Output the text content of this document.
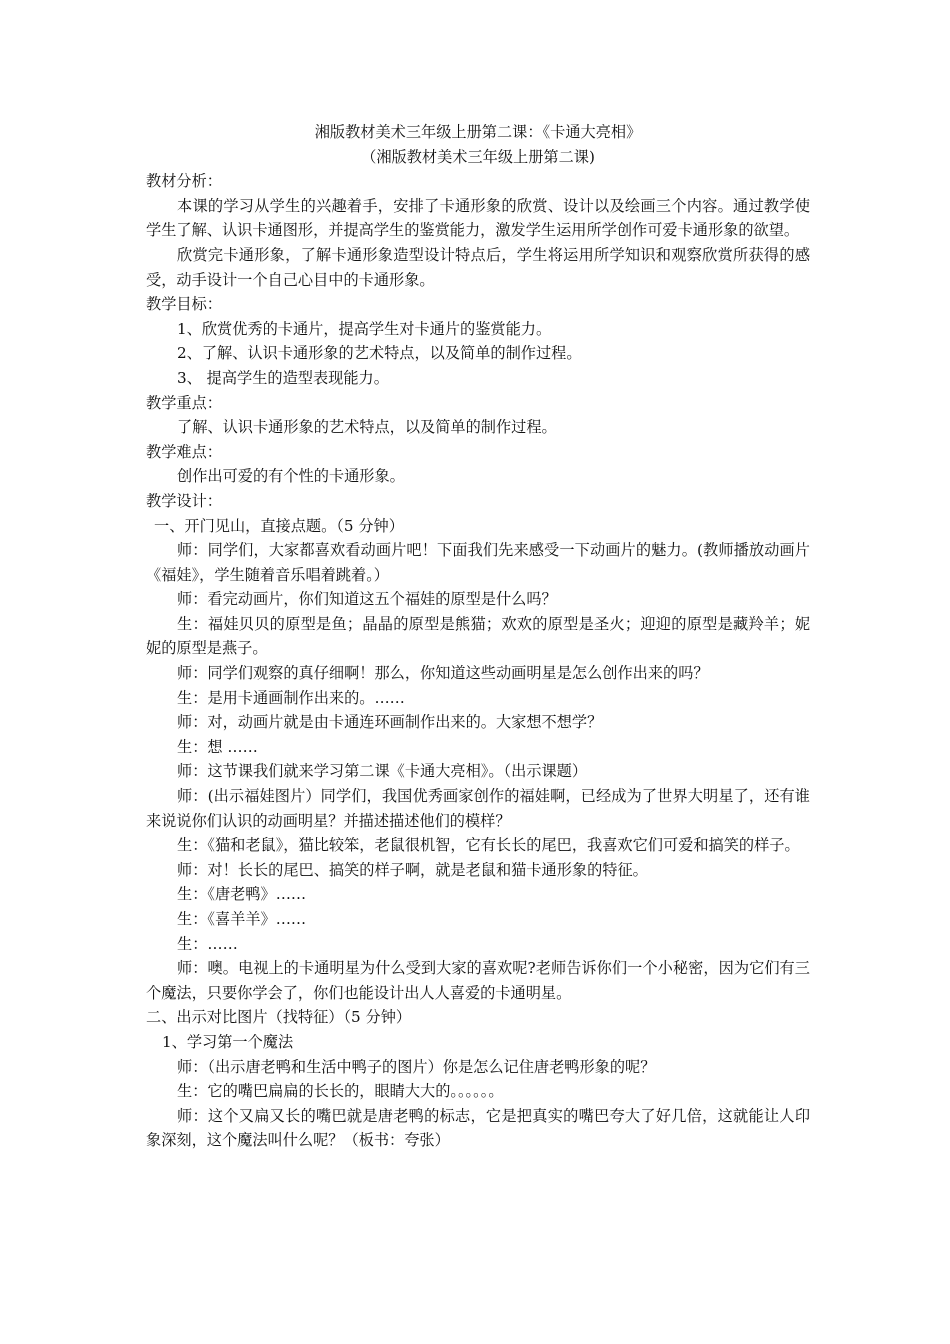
湘版教材美术三年级上册第二课：《卡通大亮相》

（湘版教材美术三年级上册第二课)

教材分析：

本课的学习从学生的兴趣着手，安排了卡通形象的欣赏、设计以及绘画三个内容。通过教学使学生了解、认识卡通图形，并提高学生的鉴赏能力，激发学生运用所学创作可爱卡通形象的欲望。

欣赏完卡通形象，了解卡通形象造型设计特点后，学生将运用所学知识和观察欣赏所获得的感受，动手设计一个自己心目中的卡通形象。

教学目标：

1、欣赏优秀的卡通片，提高学生对卡通片的鉴赏能力。

2、了解、认识卡通形象的艺术特点，以及简单的制作过程。

3、 提高学生的造型表现能力。

教学重点：

了解、认识卡通形象的艺术特点，以及简单的制作过程。

教学难点：

创作出可爱的有个性的卡通形象。

教学设计：

一、开门见山，直接点题。（5 分钟）

师：同学们，大家都喜欢看动画片吧！下面我们先来感受一下动画片的魅力。(教师播放动画片《福娃》，学生随着音乐唱着跳着。）

师：看完动画片，你们知道这五个福娃的原型是什么吗？

生：福娃贝贝的原型是鱼；晶晶的原型是熊猫；欢欢的原型是圣火；迎迎的原型是藏羚羊；妮妮的原型是燕子。

师：同学们观察的真仔细啊！那么，你知道这些动画明星是怎么创作出来的吗？

生：是用卡通画制作出来的。……

师：对，动画片就是由卡通连环画制作出来的。大家想不想学？

生：想 ……

师：这节课我们就来学习第二课《卡通大亮相》。（出示课题）

师：(出示福娃图片）同学们，我国优秀画家创作的福娃啊，已经成为了世界大明星了，还有谁来说说你们认识的动画明星？并描述描述他们的模样？

生：《猫和老鼠》，猫比较笨，老鼠很机智，它有长长的尾巴，我喜欢它们可爱和搞笑的样子。

师：对！长长的尾巴、搞笑的样子啊，就是老鼠和猫卡通形象的特征。

生：《唐老鸭》……

生：《喜羊羊》……

生：……

师：噢。电视上的卡通明星为什么受到大家的喜欢呢?老师告诉你们一个小秘密，因为它们有三个魔法，只要你学会了，你们也能设计出人人喜爱的卡通明星。

二、出示对比图片（找特征）（5 分钟）

1、学习第一个魔法

师：（出示唐老鸭和生活中鸭子的图片）你是怎么记住唐老鸭形象的呢？

生：它的嘴巴扁扁的长长的，眼睛大大的。。。。。。

师：这个又扁又长的嘴巴就是唐老鸭的标志，它是把真实的嘴巴夸大了好几倍，这就能让人印象深刻，这个魔法叫什么呢？（板书：夸张）
